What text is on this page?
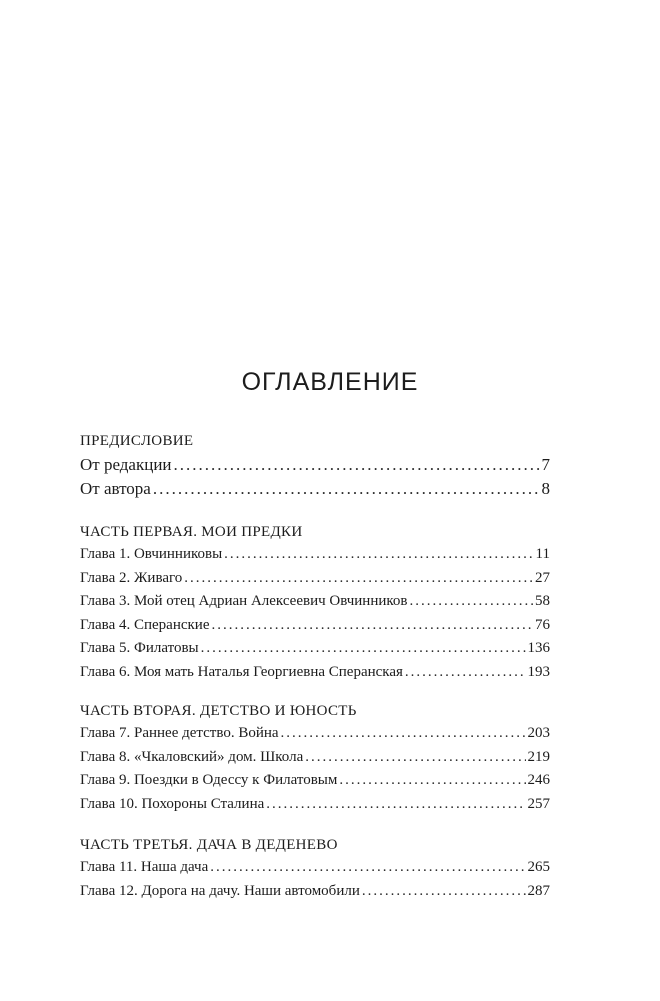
ОГЛАВЛЕНИЕ
ПРЕДИСЛОВИЕ
От редакции .....	7
От автора .....	8
ЧАСТЬ ПЕРВАЯ. МОИ ПРЕДКИ
Глава 1. Овчинниковы .....	11
Глава 2. Живаго .....	27
Глава 3. Мой отец Адриан Алексеевич Овчинников .....	58
Глава 4. Сперанские .....	76
Глава 5. Филатовы .....	136
Глава 6. Моя мать Наталья Георгиевна Сперанская .....	193
ЧАСТЬ ВТОРАЯ. ДЕТСТВО И ЮНОСТЬ
Глава 7. Раннее детство. Война .....	203
Глава 8. «Чкаловский» дом. Школа .....	219
Глава 9. Поездки в Одессу к Филатовым .....	246
Глава 10. Похороны Сталина .....	257
ЧАСТЬ ТРЕТЬЯ. ДАЧА В ДЕДЕНЕВО
Глава 11. Наша дача .....	265
Глава 12. Дорога на дачу. Наши автомобили .....	287
